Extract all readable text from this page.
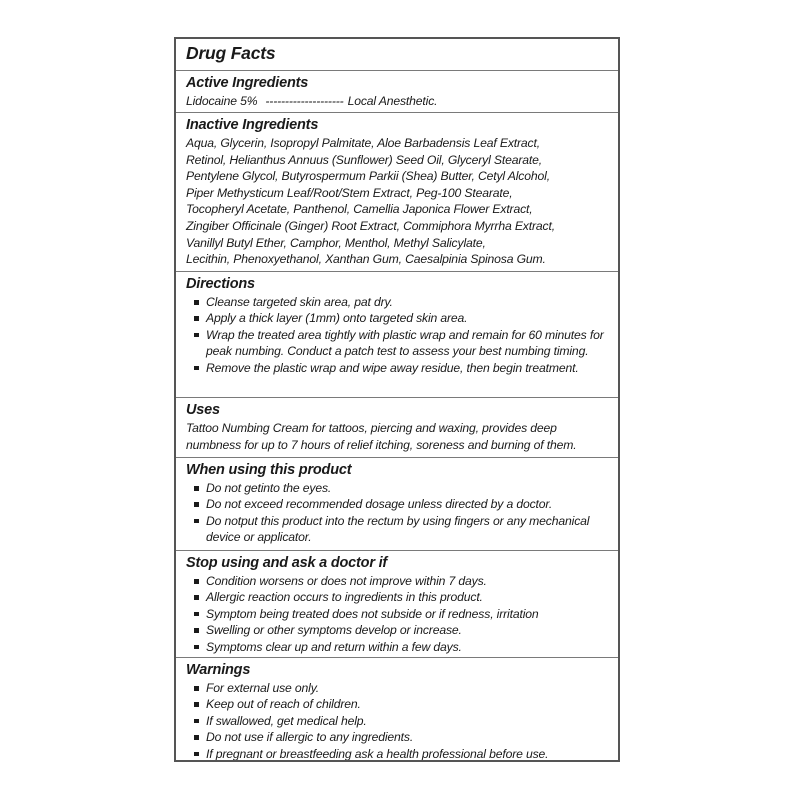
Drug Facts
Active Ingredients
Lidocaine 5% -------------------- Local Anesthetic.
Inactive Ingredients
Aqua, Glycerin, Isopropyl Palmitate, Aloe Barbadensis Leaf Extract,
Retinol, Helianthus Annuus (Sunflower) Seed Oil, Glyceryl Stearate,
Pentylene Glycol, Butyrospermum Parkii (Shea) Butter, Cetyl Alcohol,
Piper Methysticum Leaf/Root/Stem Extract, Peg-100 Stearate,
Tocopheryl Acetate, Panthenol, Camellia Japonica Flower Extract,
Zingiber Officinale (Ginger) Root Extract, Commiphora Myrrha Extract,
Vanillyl Butyl Ether, Camphor, Menthol, Methyl Salicylate,
Lecithin, Phenoxyethanol, Xanthan Gum, Caesalpinia Spinosa Gum.
Directions
Cleanse targeted skin area, pat dry.
Apply a thick layer (1mm) onto targeted skin area.
Wrap the treated area tightly with plastic wrap and remain for 60 minutes for peak numbing. Conduct a patch test to assess your best numbing timing.
Remove the plastic wrap and wipe away residue, then begin treatment.
Uses
Tattoo Numbing Cream for tattoos, piercing and waxing, provides deep numbness for up to 7 hours of relief itching, soreness and burning of them.
When using this product
Do not getinto the eyes.
Do not exceed recommended dosage unless directed by a doctor.
Do notput this product into the rectum by using fingers or any mechanical device or applicator.
Stop using and ask a doctor if
Condition worsens or does not improve within 7 days.
Allergic reaction occurs to ingredients in this product.
Symptom being treated does not subside or if redness, irritation
Swelling or other symptoms develop or increase.
Symptoms clear up and return within a few days.
Warnings
For external use only.
Keep out of reach of children.
If swallowed, get medical help.
Do not use if allergic to any ingredients.
If pregnant or breastfeeding ask a health professional before use.
